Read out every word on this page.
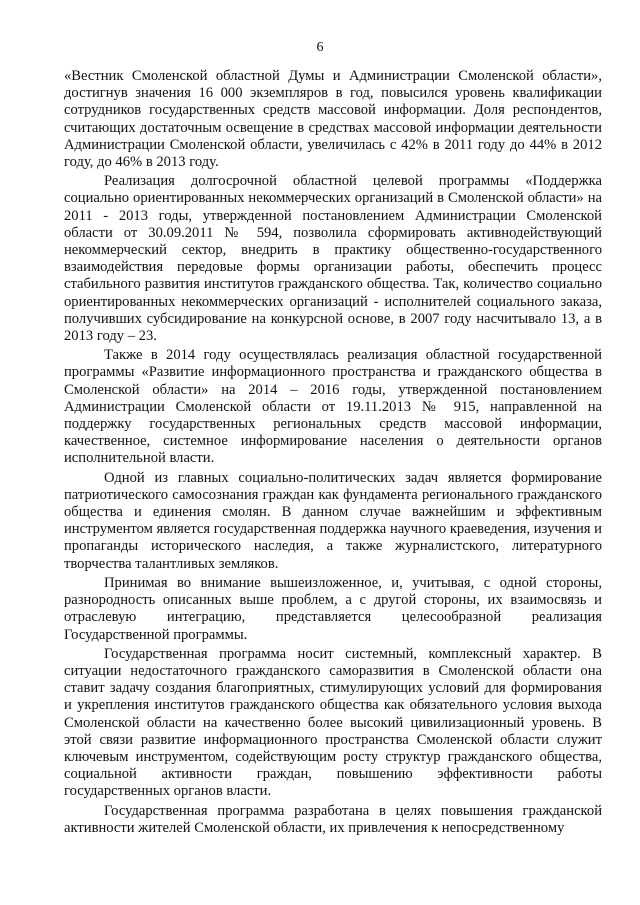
6

«Вестник Смоленской областной Думы и Администрации Смоленской области», достигнув значения 16 000 экземпляров в год, повысился уровень квалификации сотрудников государственных средств массовой информации. Доля респондентов, считающих достаточным освещение в средствах массовой информации деятельности Администрации Смоленской области, увеличилась с 42% в 2011 году до 44% в 2012 году, до 46% в 2013 году.

Реализация долгосрочной областной целевой программы «Поддержка социально ориентированных некоммерческих организаций в Смоленской области» на 2011 - 2013 годы, утвержденной постановлением Администрации Смоленской области от 30.09.2011 № 594, позволила сформировать активнодействующий некоммерческий сектор, внедрить в практику общественно-государственного взаимодействия передовые формы организации работы, обеспечить процесс стабильного развития институтов гражданского общества. Так, количество социально ориентированных некоммерческих организаций - исполнителей социального заказа, получивших субсидирование на конкурсной основе, в 2007 году насчитывало 13, а в 2013 году – 23.

Также в 2014 году осуществлялась реализация областной государственной программы «Развитие информационного пространства и гражданского общества в Смоленской области» на 2014 – 2016 годы, утвержденной постановлением Администрации Смоленской области от 19.11.2013 № 915, направленной на поддержку государственных региональных средств массовой информации, качественное, системное информирование населения о деятельности органов исполнительной власти.

Одной из главных социально-политических задач является формирование патриотического самосознания граждан как фундамента регионального гражданского общества и единения смолян. В данном случае важнейшим и эффективным инструментом является государственная поддержка научного краеведения, изучения и пропаганды исторического наследия, а также журналистского, литературного творчества талантливых земляков.

Принимая во внимание вышеизложенное, и, учитывая, с одной стороны, разнородность описанных выше проблем, а с другой стороны, их взаимосвязь и отраслевую интеграцию, представляется целесообразной реализация Государственной программы.

Государственная программа носит системный, комплексный характер. В ситуации недостаточного гражданского саморазвития в Смоленской области она ставит задачу создания благоприятных, стимулирующих условий для формирования и укрепления институтов гражданского общества как обязательного условия выхода Смоленской области на качественно более высокий цивилизационный уровень. В этой связи развитие информационного пространства Смоленской области служит ключевым инструментом, содействующим росту структур гражданского общества, социальной активности граждан, повышению эффективности работы государственных органов власти.

Государственная программа разработана в целях повышения гражданской активности жителей Смоленской области, их привлечения к непосредственному
